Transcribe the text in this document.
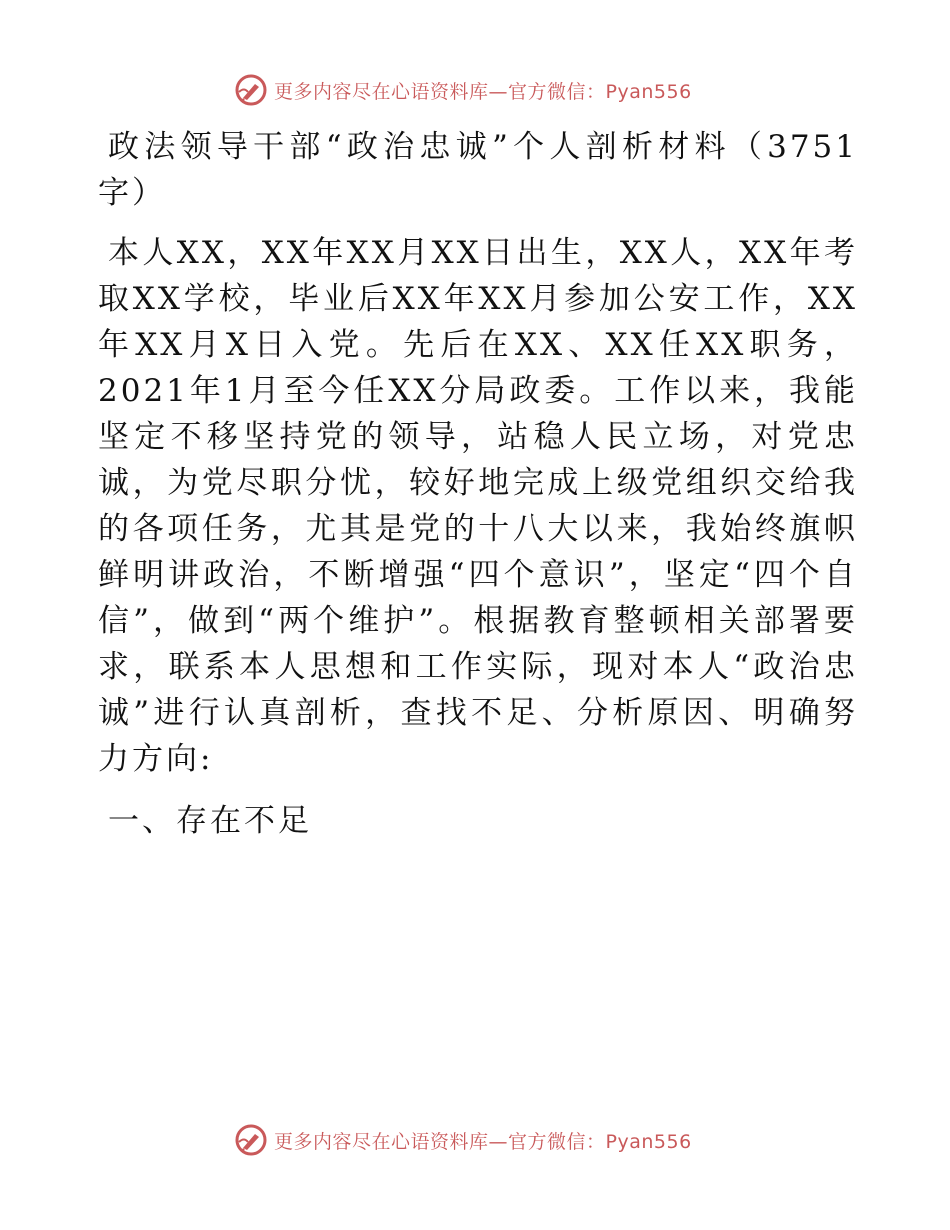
更多内容尽在心语资料库—官方微信：Pyan556

政法领导干部“政治忠诚”个人剖析材料（3751字）

本人XX，XX年XX月XX日出生，XX人，XX年考取XX学校，毕业后XX年XX月参加公安工作，XX年XX月X日入党。先后在XX、XX任XX职务，2021年1月至今任XX分局政委。工作以来，我能坚定不移坚持党的领导，站稳人民立场，对党忠诚，为党尽职分忧，较好地完成上级党组织交给我的各项任务，尤其是党的十八大以来，我始终旗帜鲜明讲政治，不断增强“四个意识”，坚定“四个自信”，做到“两个维护”。根据教育整顿相关部署要求，联系本人思想和工作实际，现对本人“政治忠诚”进行认真剖析，查找不足、分析原因、明确努力方向:

一、存在不足

更多内容尽在心语资料库—官方微信：Pyan556
